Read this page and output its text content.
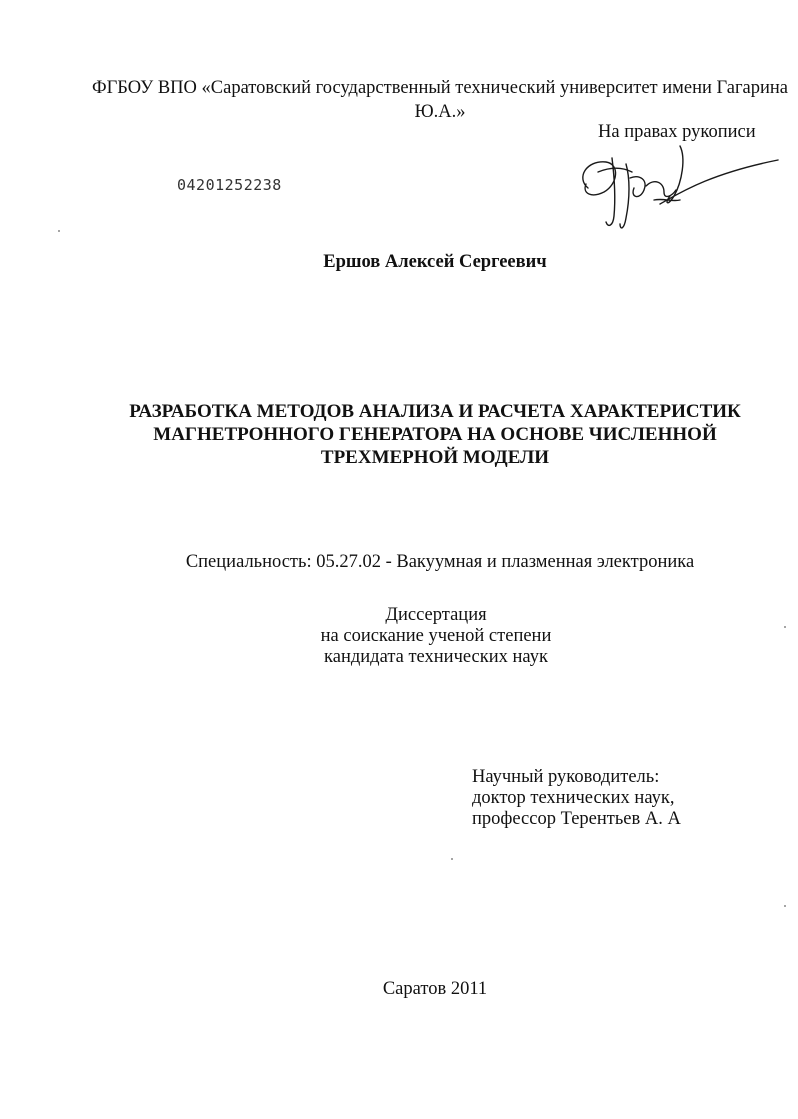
ФГБОУ ВПО «Саратовский государственный технический университет имени Гагарина Ю.А.»
На правах рукописи
04201252238
Ершов Алексей Сергеевич
РАЗРАБОТКА МЕТОДОВ АНАЛИЗА И РАСЧЕТА ХАРАКТЕРИСТИК
МАГНЕТРОННОГО ГЕНЕРАТОРА НА ОСНОВЕ ЧИСЛЕННОЙ
ТРЕХМЕРНОЙ МОДЕЛИ
Специальность: 05.27.02 - Вакуумная и плазменная электроника
Диссертация
на соискание ученой степени
кандидата технических наук
Научный руководитель:
доктор технических наук,
профессор Терентьев А. А
Саратов 2011
